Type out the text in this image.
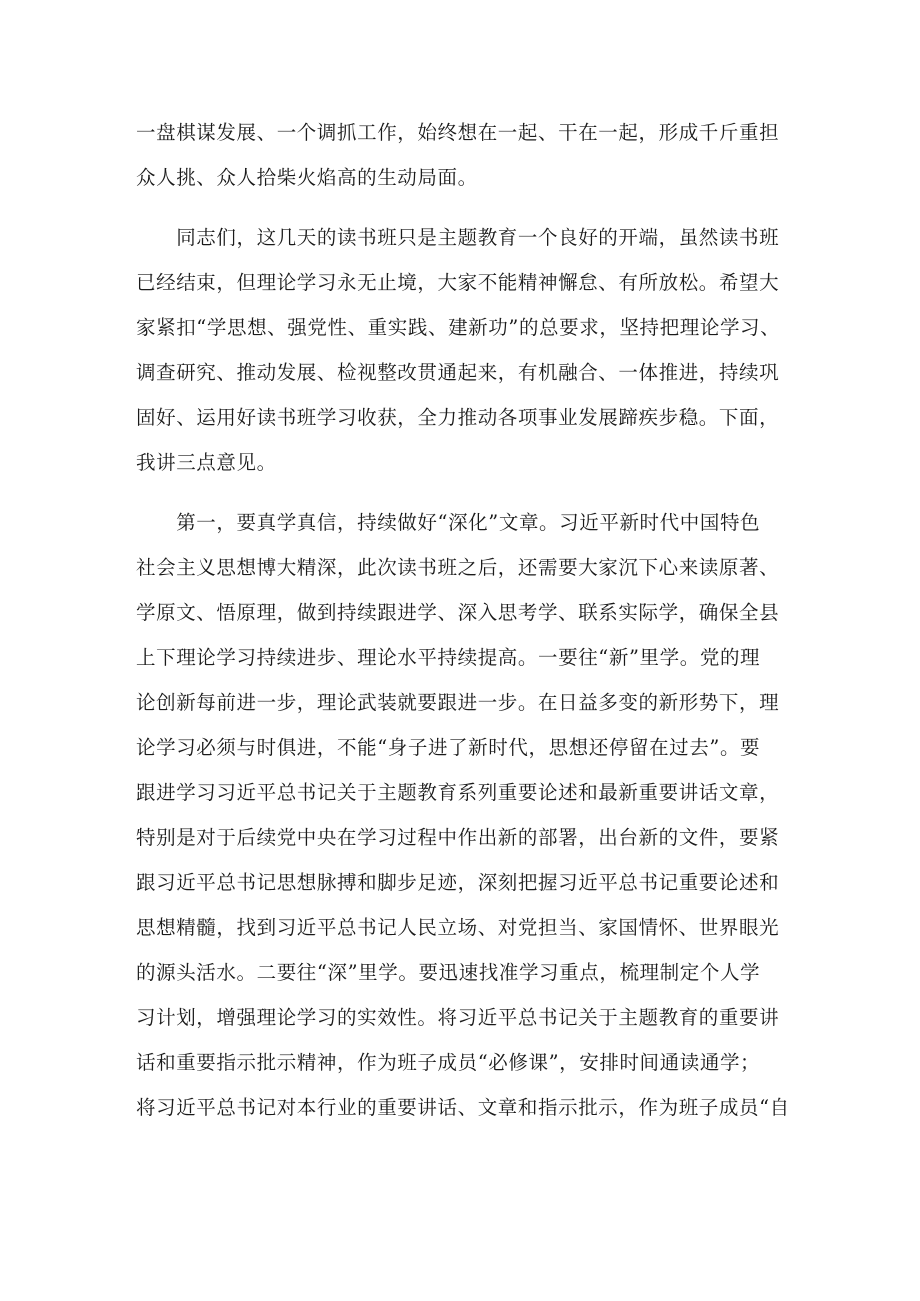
一盘棋谋发展、一个调抓工作，始终想在一起、干在一起，形成千斤重担
众人挑、众人拾柴火焰高的生动局面。
　　同志们，这几天的读书班只是主题教育一个良好的开端，虽然读书班
已经结束，但理论学习永无止境，大家不能精神懈怠、有所放松。希望大
家紧扣“学思想、强党性、重实践、建新功”的总要求，坚持把理论学习、
调查研究、推动发展、检视整改贯通起来，有机融合、一体推进，持续巩
固好、运用好读书班学习收获，全力推动各项事业发展蹄疾步稳。下面，
我讲三点意见。
　　第一，要真学真信，持续做好“深化”文章。习近平新时代中国特色
社会主义思想博大精深，此次读书班之后，还需要大家沉下心来读原著、
学原文、悟原理，做到持续跟进学、深入思考学、联系实际学，确保全县
上下理论学习持续进步、理论水平持续提高。一要往“新”里学。党的理
论创新每前进一步，理论武装就要跟进一步。在日益多变的新形势下，理
论学习必须与时俱进，不能“身子进了新时代，思想还停留在过去”。要
跟进学习习近平总书记关于主题教育系列重要论述和最新重要讲话文章，
特别是对于后续党中央在学习过程中作出新的部署，出台新的文件，要紧
跟习近平总书记思想脉搏和脚步足迹，深刻把握习近平总书记重要论述和
思想精髓，找到习近平总书记人民立场、对党担当、家国情怀、世界眼光
的源头活水。二要往“深”里学。要迅速找准学习重点，梳理制定个人学
习计划，增强理论学习的实效性。将习近平总书记关于主题教育的重要讲
话和重要指示批示精神，作为班子成员“必修课”，安排时间通读通学；
将习近平总书记对本行业的重要讲话、文章和指示批示，作为班子成员“自
